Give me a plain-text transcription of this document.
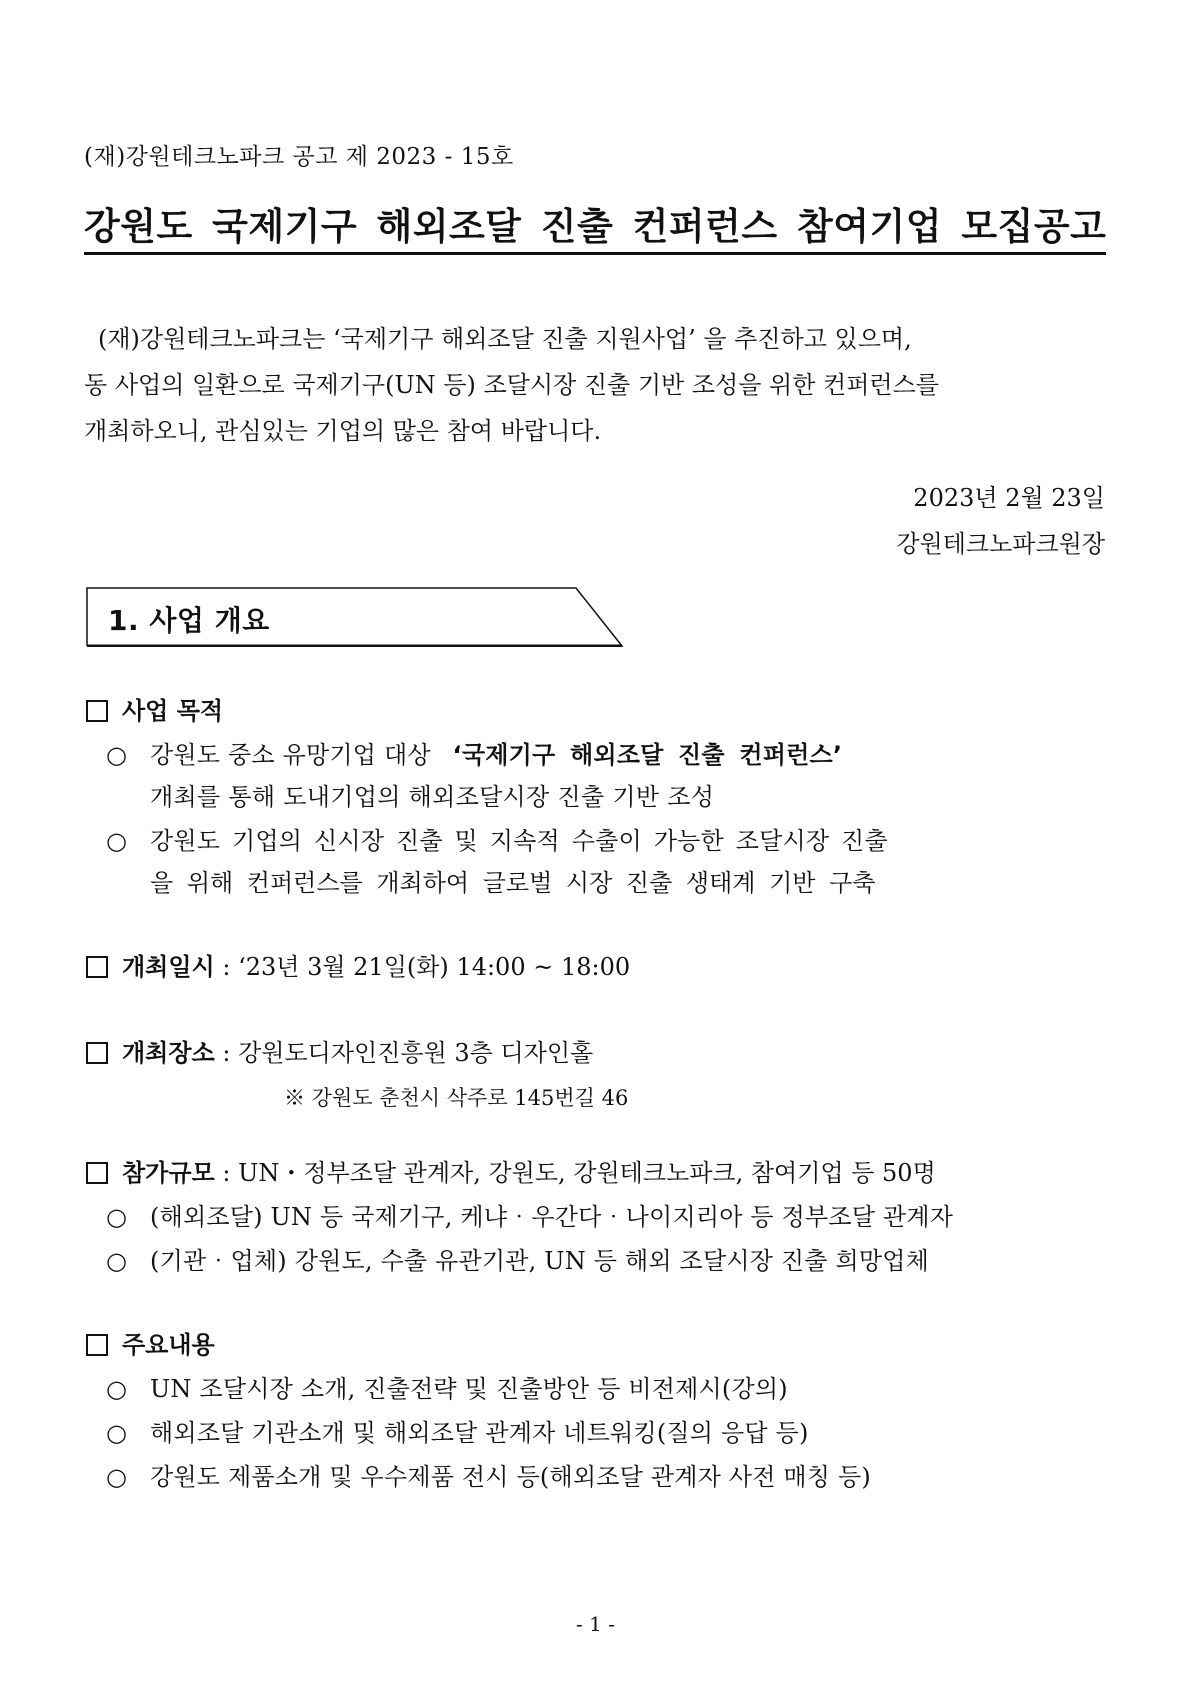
(재)강원테크노파크 공고 제 2023 - 15호
강원도 국제기구 해외조달 진출 컨퍼런스 참여기업 모집공고
(재)강원테크노파크는 ‘국제기구 해외조달 진출 지원사업’ 을 추진하고 있으며,
동 사업의 일환으로 국제기구(UN 등) 조달시장 진출 기반 조성을 위한 컨퍼런스를
개최하오니, 관심있는 기업의 많은 참여 바랍니다.
2023년 2월 23일
강원테크노파크원장
1. 사업 개요
사업 목적
○ 강원도 중소 유망기업 대상 ‘국제기구 해외조달 진출 컨퍼런스’
개최를 통해 도내기업의 해외조달시장 진출 기반 조성
○ 강원도 기업의 신시장 진출 및 지속적 수출이 가능한 조달시장 진출
을 위해 컨퍼런스를 개최하여 글로벌 시장 진출 생태계 기반 구축
개최일시 : ‘23년 3월 21일(화) 14:00 ~ 18:00
개최장소 : 강원도디자인진흥원 3층 디자인홀
※ 강원도 춘천시 삭주로 145번길 46
참가규모 : UN・정부조달 관계자, 강원도, 강원테크노파크, 참여기업 등 50명
○ (해외조달) UN 등 국제기구, 케냐‧우간다‧나이지리아 등 정부조달 관계자
○ (기관‧업체) 강원도, 수출 유관기관, UN 등 해외 조달시장 진출 희망업체
주요내용
○ UN 조달시장 소개, 진출전략 및 진출방안 등 비전제시(강의)
○ 해외조달 기관소개 및 해외조달 관계자 네트워킹(질의 응답 등)
○ 강원도 제품소개 및 우수제품 전시 등(해외조달 관계자 사전 매칭 등)
- 1 -
